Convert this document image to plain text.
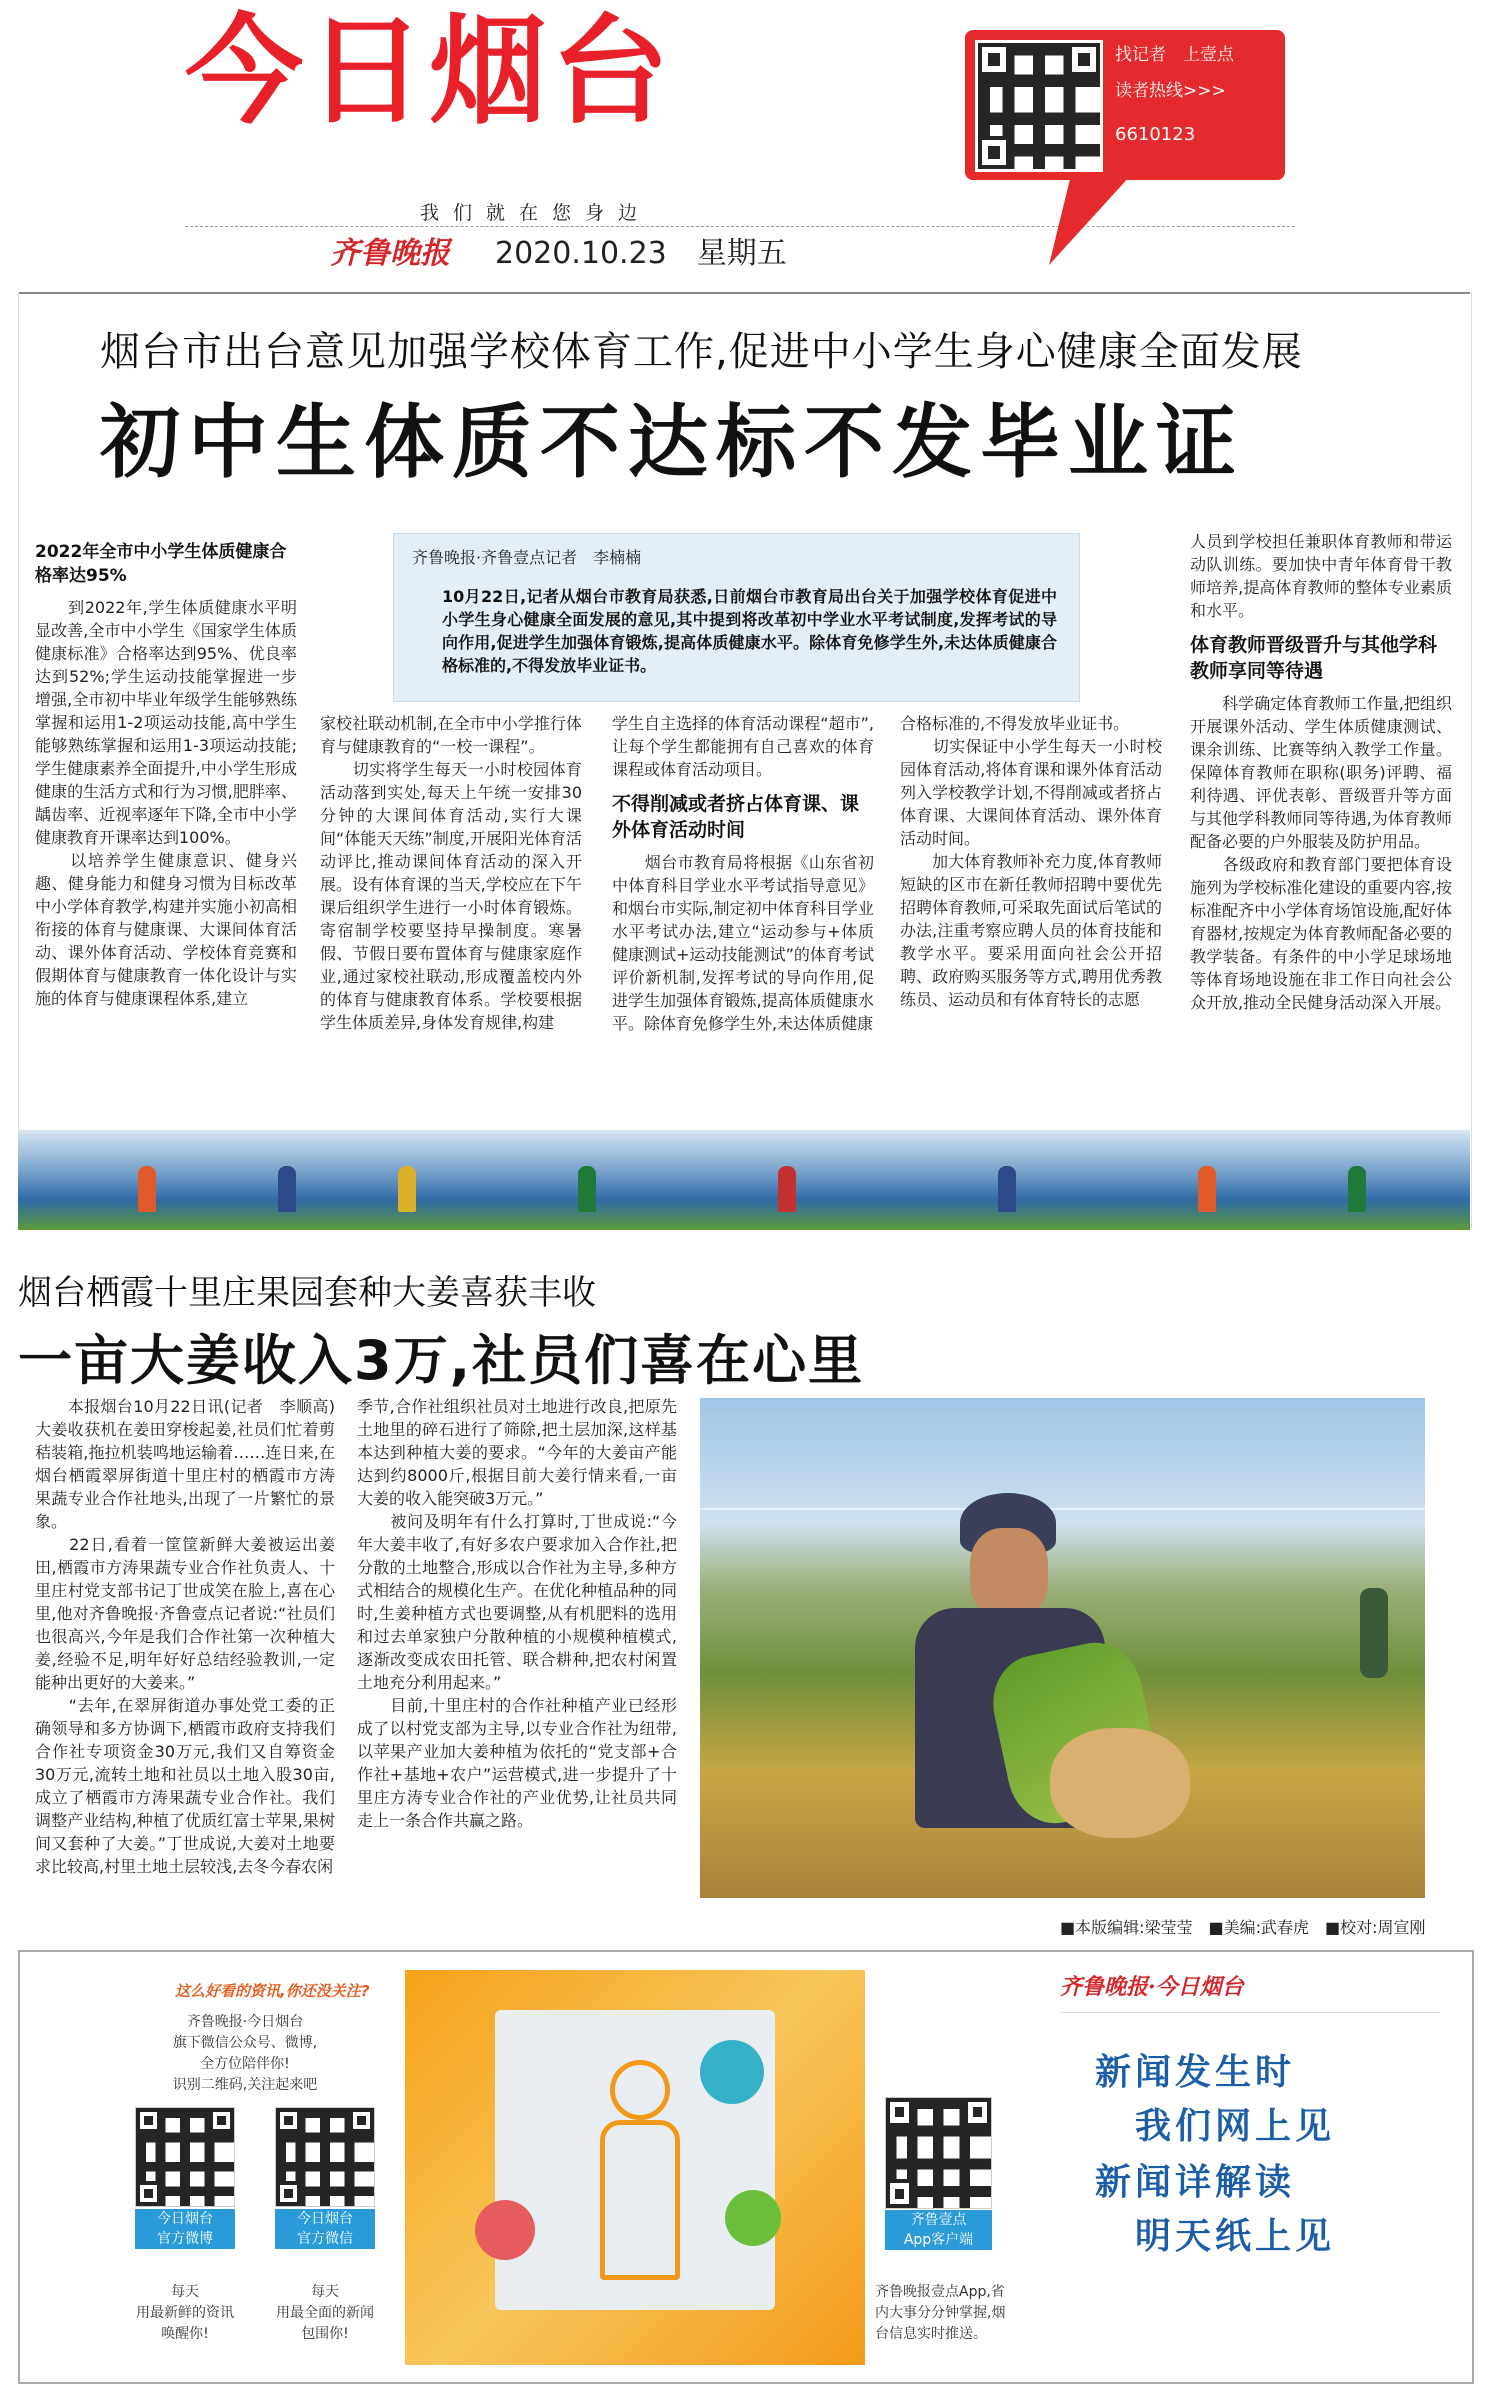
今日烟台
我们就在您身边
齐鲁晚报 2020.10.23　 星期五
找记者　上壹点
读者热线>>>
6610123
烟台市出台意见加强学校体育工作,促进中小学生身心健康全面发展
初中生体质不达标不发毕业证
2022年全市中小学生体质健康合格率达95%
　　到2022年,学生体质健康水平明显改善,全市中小学生《国家学生体质健康标准》合格率达到95%、优良率达到52%;学生运动技能掌握进一步增强,全市初中毕业年级学生能够熟练掌握和运用1-2项运动技能,高中学生能够熟练掌握和运用1-3项运动技能;学生健康素养全面提升,中小学生形成健康的生活方式和行为习惯,肥胖率、龋齿率、近视率逐年下降,全市中小学健康教育开课率达到100%。
　　以培养学生健康意识、健身兴趣、健身能力和健身习惯为目标改革中小学体育教学,构建并实施小初高相衔接的体育与健康课、大课间体育活动、课外体育活动、学校体育竞赛和假期体育与健康教育一体化设计与实施的体育与健康课程体系,建立
齐鲁晚报·齐鲁壹点记者　李楠楠
10月22日,记者从烟台市教育局获悉,日前烟台市教育局出台关于加强学校体育促进中小学生身心健康全面发展的意见,其中提到将改革初中学业水平考试制度,发挥考试的导向作用,促进学生加强体育锻炼,提高体质健康水平。除体育免修学生外,未达体质健康合格标准的,不得发放毕业证书。
家校社联动机制,在全市中小学推行体育与健康教育的“一校一课程”。
　　切实将学生每天一小时校园体育活动落到实处,每天上午统一安排30分钟的大课间体育活动,实行大课间“体能天天练”制度,开展阳光体育活动评比,推动课间体育活动的深入开展。设有体育课的当天,学校应在下午课后组织学生进行一小时体育锻炼。寄宿制学校要坚持早操制度。寒暑假、节假日要布置体育与健康家庭作业,通过家校社联动,形成覆盖校内外的体育与健康教育体系。学校要根据学生体质差异,身体发育规律,构建
学生自主选择的体育活动课程“超市”,让每个学生都能拥有自己喜欢的体育课程或体育活动项目。
不得削减或者挤占体育课、课外体育活动时间
　　烟台市教育局将根据《山东省初中体育科目学业水平考试指导意见》和烟台市实际,制定初中体育科目学业水平考试办法,建立“运动参与+体质健康测试+运动技能测试”的体育考试评价新机制,发挥考试的导向作用,促进学生加强体育锻炼,提高体质健康水平。除体育免修学生外,未达体质健康
合格标准的,不得发放毕业证书。
　　切实保证中小学生每天一小时校园体育活动,将体育课和课外体育活动列入学校教学计划,不得削减或者挤占体育课、大课间体育活动、课外体育活动时间。
　　加大体育教师补充力度,体育教师短缺的区市在新任教师招聘中要优先招聘体育教师,可采取先面试后笔试的办法,注重考察应聘人员的体育技能和教学水平。要采用面向社会公开招聘、政府购买服务等方式,聘用优秀教练员、运动员和有体育特长的志愿
人员到学校担任兼职体育教师和带运动队训练。要加快中青年体育骨干教师培养,提高体育教师的整体专业素质和水平。
体育教师晋级晋升与其他学科教师享同等待遇
　　科学确定体育教师工作量,把组织开展课外活动、学生体质健康测试、课余训练、比赛等纳入教学工作量。保障体育教师在职称(职务)评聘、福利待遇、评优表彰、晋级晋升等方面与其他学科教师同等待遇,为体育教师配备必要的户外服装及防护用品。
　　各级政府和教育部门要把体育设施列为学校标准化建设的重要内容,按标准配齐中小学体育场馆设施,配好体育器材,按规定为体育教师配备必要的教学装备。有条件的中小学足球场地等体育场地设施在非工作日向社会公众开放,推动全民健身活动深入开展。
烟台栖霞十里庄果园套种大姜喜获丰收
一亩大姜收入3万,社员们喜在心里
　　本报烟台10月22日讯(记者　李顺高)　大姜收获机在姜田穿梭起姜,社员们忙着剪秸装箱,拖拉机装鸣地运输着……连日来,在烟台栖霞翠屏街道十里庄村的栖霞市方涛果蔬专业合作社地头,出现了一片繁忙的景象。
　　22日,看着一筐筐新鲜大姜被运出姜田,栖霞市方涛果蔬专业合作社负责人、十里庄村党支部书记丁世成笑在脸上,喜在心里,他对齐鲁晚报·齐鲁壹点记者说:“社员们也很高兴,今年是我们合作社第一次种植大姜,经验不足,明年好好总结经验教训,一定能种出更好的大姜来。”
　　“去年,在翠屏街道办事处党工委的正确领导和多方协调下,栖霞市政府支持我们合作社专项资金30万元,我们又自筹资金30万元,流转土地和社员以土地入股30亩,成立了栖霞市方涛果蔬专业合作社。我们调整产业结构,种植了优质红富士苹果,果树间又套种了大姜。”丁世成说,大姜对土地要求比较高,村里土地土层较浅,去冬今春农闲
季节,合作社组织社员对土地进行改良,把原先土地里的碎石进行了筛除,把土层加深,这样基本达到种植大姜的要求。“今年的大姜亩产能达到约8000斤,根据目前大姜行情来看,一亩大姜的收入能突破3万元。”
　　被问及明年有什么打算时,丁世成说:“今年大姜丰收了,有好多农户要求加入合作社,把分散的土地整合,形成以合作社为主导,多种方式相结合的规模化生产。在优化种植品种的同时,生姜种植方式也要调整,从有机肥料的选用和过去单家独户分散种植的小规模种植模式,逐渐改变成农田托管、联合耕种,把农村闲置土地充分利用起来。”
　　目前,十里庄村的合作社种植产业已经形成了以村党支部为主导,以专业合作社为纽带,以苹果产业加大姜种植为依托的“党支部+合作社+基地+农户”运营模式,进一步提升了十里庄方涛专业合作社的产业优势,让社员共同走上一条合作共赢之路。
■本版编辑:梁莹莹　■美编:武春虎　■校对:周宣刚
这么好看的资讯,你还没关注?
齐鲁晚报·今日烟台
旗下微信公众号、微博,
全方位陪伴你!
识别二维码,关注起来吧
今日烟台
官方微博
每天
用最新鲜的资讯
唤醒你!
今日烟台
官方微信
每天
用最全面的新闻
包围你!
齐鲁壹点
App客户端
齐鲁晚报壹点App,省内大事分分钟掌握,烟台信息实时推送。
齐鲁晚报·今日烟台
新闻发生时
我们网上见
新闻详解读
明天纸上见
